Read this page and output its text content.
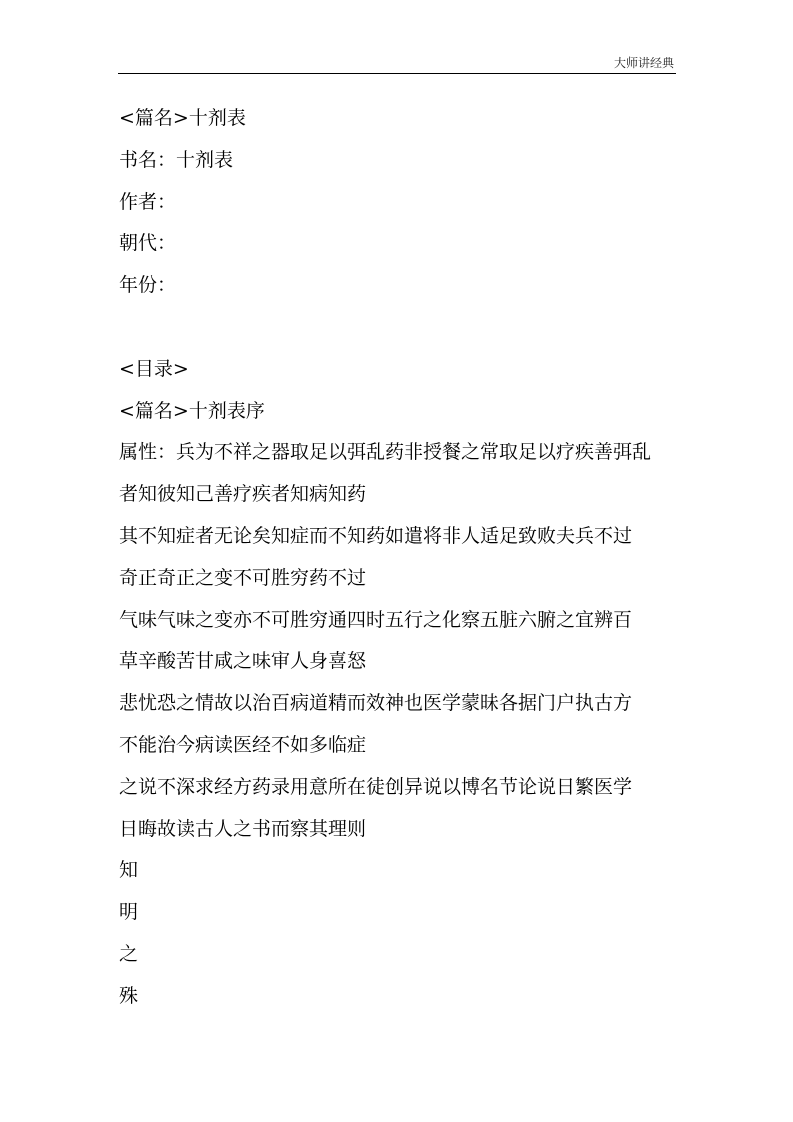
大师讲经典
<篇名>十剂表
书名：十剂表
作者：
朝代：
年份：
<目录>
<篇名>十剂表序
属性：兵为不祥之器取足以弭乱药非授餐之常取足以疗疾善弭乱
者知彼知己善疗疾者知病知药
其不知症者无论矣知症而不知药如遣将非人适足致败夫兵不过
奇正奇正之变不可胜穷药不过
气味气味之变亦不可胜穷通四时五行之化察五脏六腑之宜辨百
草辛酸苦甘咸之味审人身喜怒
悲忧恐之情故以治百病道精而效神也医学蒙昧各据门户执古方
不能治今病读医经不如多临症
之说不深求经方药录用意所在徒创异说以博名节论说日繁医学
日晦故读古人之书而察其理则
知
明
之
殊
